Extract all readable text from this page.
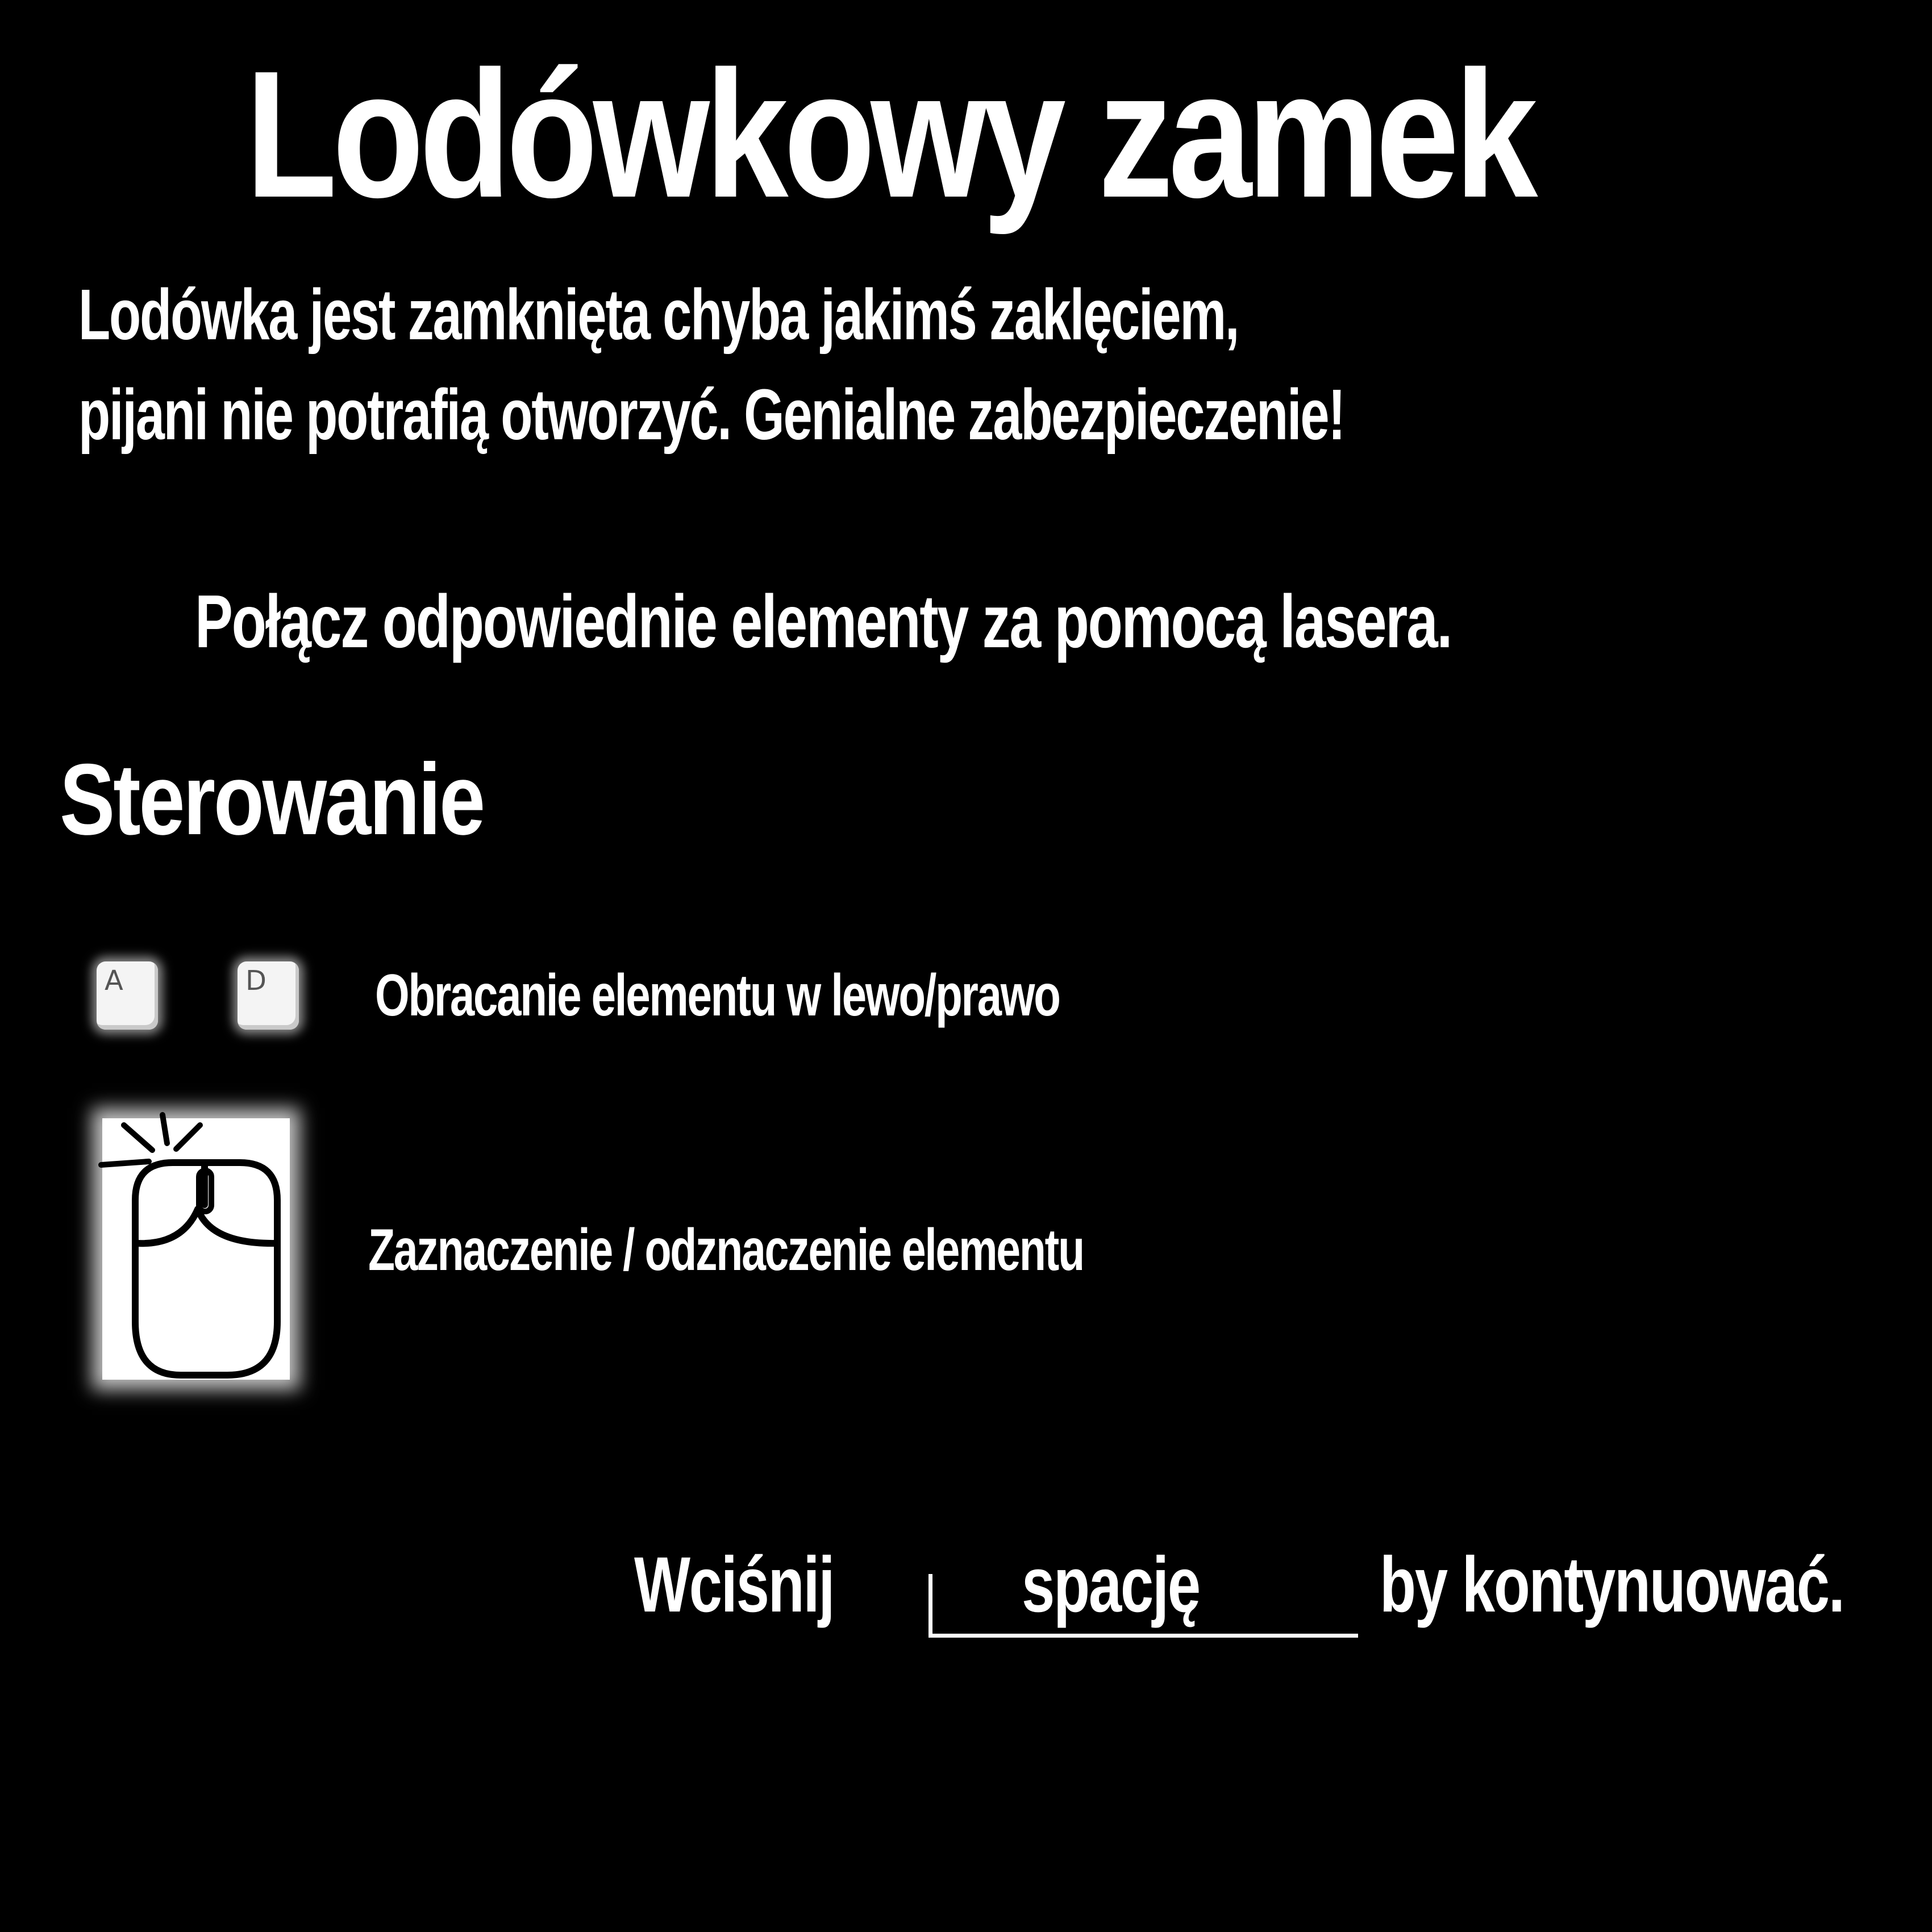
Lodówkowy zamek
Lodówka jest zamknięta chyba jakimś zaklęciem,
pijani nie potrafią otworzyć. Genialne zabezpieczenie!

Połącz odpowiednie elementy za pomocą lasera.

Sterowanie
A	D Obracanie elementu w lewo/prawo

Zaznaczenie / odznaczenie elementu

Wciśnij spację by kontynuować.
